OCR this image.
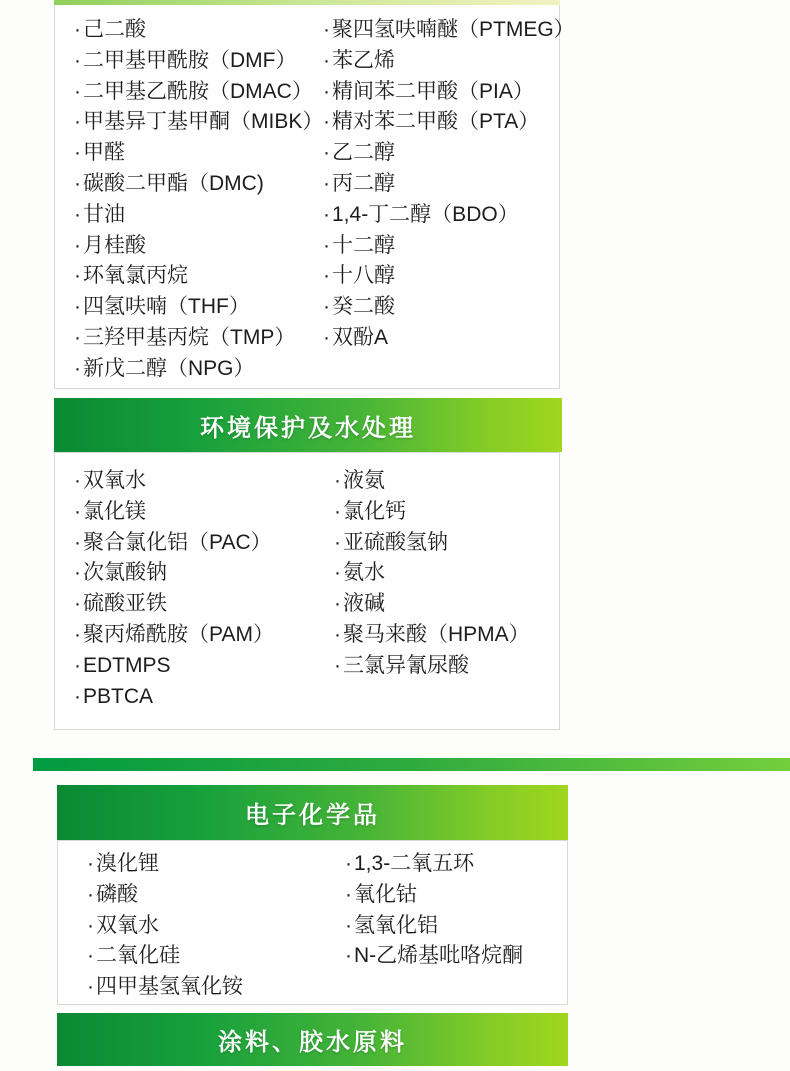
· 己二酸
· 二甲基甲酰胺（DMF）
· 二甲基乙酰胺（DMAC）
· 甲基异丁基甲酮（MIBK）
· 甲醛
· 碳酸二甲酯（DMC)
· 甘油
· 月桂酸
· 环氧氯丙烷
· 四氢呋喃（THF）
· 三羟甲基丙烷（TMP）
· 新戊二醇（NPG）
· 聚四氢呋喃醚（PTMEG）
· 苯乙烯
· 精间苯二甲酸（PIA）
· 精对苯二甲酸（PTA）
· 乙二醇
· 丙二醇
· 1,4-丁二醇（BDO）
· 十二醇
· 十八醇
· 癸二酸
· 双酚A
环境保护及水处理
· 双氧水
· 氯化镁
· 聚合氯化铝（PAC）
· 次氯酸钠
· 硫酸亚铁
· 聚丙烯酰胺（PAM）
· EDTMPS
· PBTCA
· 液氨
· 氯化钙
· 亚硫酸氢钠
· 氨水
· 液碱
· 聚马来酸（HPMA）
· 三氯异氰尿酸
电子化学品
· 溴化锂
· 磷酸
· 双氧水
· 二氧化硅
· 四甲基氢氧化铵
· 1,3-二氧五环
· 氧化钴
· 氢氧化铝
· N-乙烯基吡咯烷酮
涂料、胶水原料
